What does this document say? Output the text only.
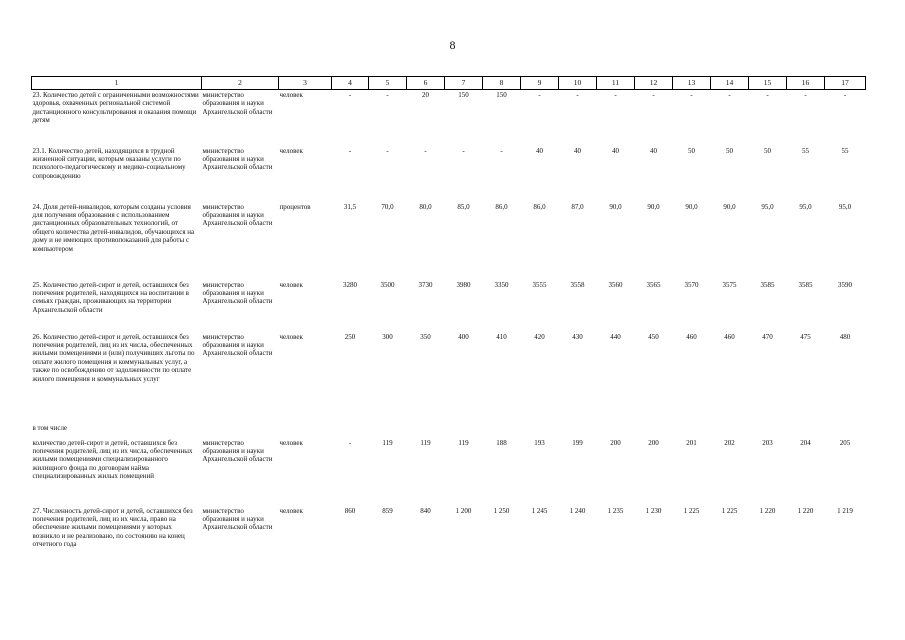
8
1	2	3	4	5	6	7	8	9	10	11	12	13	14	15	16	17
23. Количество детей с ограниченными возможностями здоровья, охваченных региональной системой дистанционного консультирования и оказания помощи детям	министерство образования и науки Архангельской области	человек	-	-	20	150	150	-	-	-	-	-	-	-	-	-
23.1. Количество детей, находящихся в трудной жизненной ситуации, которым оказаны услуги по психолого-педагогическому и медико-социальному сопровождению	министерство образования и науки Архангельской области	человек	-	-	-	-	-	40	40	40	40	50	50	50	55	55
24. Доля детей-инвалидов, которым созданы условия для получения образования с использованием дистанционных образовательных технологий, от общего количества детей-инвалидов, обучающихся на дому и не имеющих противопоказаний для работы с компьютером	министерство образования и науки Архангельской области	процентов	31,5	70,0	80,0	85,0	86,0	86,0	87,0	90,0	90,0	90,0	90,0	95,0	95,0	95,0
25. Количество детей-сирот и детей, оставшихся без попечения родителей, находящихся на воспитании в семьях граждан, проживающих на территории Архангельской области	министерство образования и науки Архангельской области	человек	3280	3500	3730	3980	3350	3555	3558	3560	3565	3570	3575	3585	3585	3590
26. Количество детей-сирот и детей, оставшихся без попечения родителей, лиц из их числа, обеспеченных жилыми помещениями и (или) получивших льготы по оплате жилого помещения и коммунальных услуг, а также по освобождению от задолженности по оплате жилого помещения и коммунальных услуг	министерство образования и науки Архангельской области	человек	250	300	350	400	410	420	430	440	450	460	460	470	475	480
в том числе																
количество детей-сирот и детей, оставшихся без попечения родителей, лиц из их числа, обеспеченных жилыми помещениями специализированного жилищного фонда по договорам найма специализированных жилых помещений	министерство образования и науки Архангельской области	человек	-	119	119	119	188	193	199	200	200	201	202	203	204	205
27. Численность детей-сирот и детей, оставшихся без попечения родителей, лиц из их числа, право на обеспечение жилыми помещениями у которых возникло и не реализовано, по состоянию на конец отчетного года	министерство образования и науки Архангельской области	человек	860	859	840	1 200	1 250	1 245	1 240	1 235	1 230	1 225	1 225	1 220	1 220	1 219
